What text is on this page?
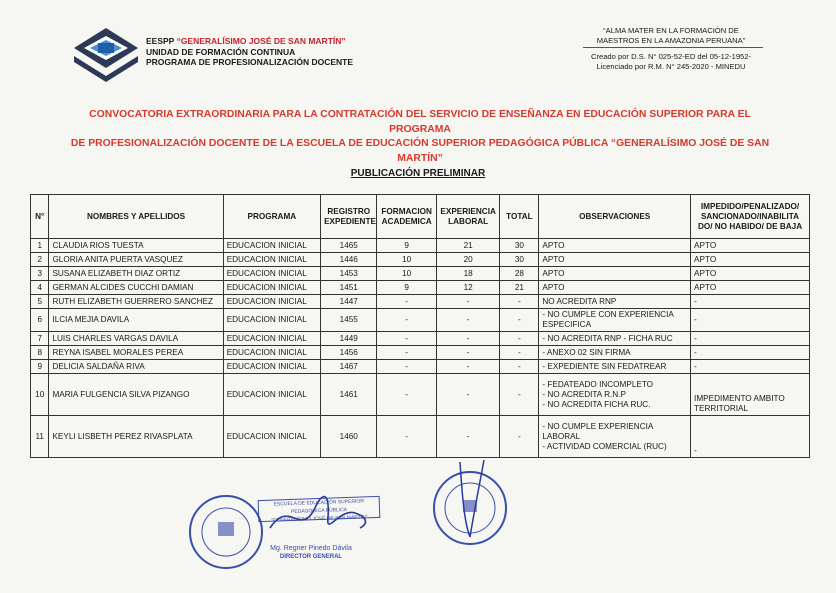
EESPP “GENERALÍSIMO JOSÉ DE SAN MARTÍN”
UNIDAD DE FORMACIÓN CONTINUA
PROGRAMA DE PROFESIONALIZACIÓN DOCENTE
“ALMA MATER EN LA FORMACIÓN DE
MAESTROS EN LA AMAZONIA PERUANA”
Creado por D.S. N° 025-52-ED del 05-12-1952-
Licenciado por R.M. N° 245-2020 - MINEDU
CONVOCATORIA EXTRAORDINARIA PARA LA CONTRATACIÓN DEL SERVICIO DE ENSEÑANZA EN EDUCACIÓN SUPERIOR PARA EL PROGRAMA
DE PROFESIONALIZACIÓN DOCENTE DE LA ESCUELA DE EDUCACIÓN SUPERIOR PEDAGÓGICA PÚBLICA “GENERALÍSIMO JOSÉ DE SAN
MARTÍN”
PUBLICACIÓN PRELIMINAR
N°	NOMBRES Y APELLIDOS	PROGRAMA	REGISTRO EXPEDIENTE	FORMACION ACADEMICA	EXPERIENCIA LABORAL	TOTAL	OBSERVACIONES	IMPEDIDO/PENALIZADO/ SANCIONADO/INABILITA DO/ NO HABIDO/ DE BAJA
1	CLAUDIA RIOS TUESTA	EDUCACION INICIAL	1465	9	21	30	APTO	APTO
2	GLORIA ANITA PUERTA VASQUEZ	EDUCACION INICIAL	1446	10	20	30	APTO	APTO
3	SUSANA ELIZABETH DIAZ ORTIZ	EDUCACION INICIAL	1453	10	18	28	APTO	APTO
4	GERMAN ALCIDES CUCCHI DAMIAN	EDUCACION INICIAL	1451	9	12	21	APTO	APTO
5	RUTH ELIZABETH GUERRERO SANCHEZ	EDUCACION INICIAL	1447	-	-	-	NO ACREDITA RNP	-
6	ILCIA MEJIA DAVILA	EDUCACION INICIAL	1455	-	-	-	- NO CUMPLE CON EXPERIENCIA
ESPECIFICA	-
7	LUIS CHARLES VARGAS DAVILA	EDUCACION INICIAL	1449	-	-	-	- NO ACREDITA RNP - FICHA RUC	-
8	REYNA ISABEL MORALES PEREA	EDUCACION INICIAL	1456	-	-	-	- ANEXO 02 SIN FIRMA	-
9	DELICIA SALDAÑA RIVA	EDUCACION INICIAL	1467	-	-	-	- EXPEDIENTE SIN FEDATREAR	-
10	MARIA FULGENCIA SILVA PIZANGO	EDUCACION INICIAL	1461	-	-	-	- FEDATEADO INCOMPLETO
- NO ACREDITA R.N.P
- NO ACREDITA FICHA RUC.	IMPEDIMENTO AMBITO TERRITORIAL
11	KEYLI LISBETH PEREZ RIVASPLATA	EDUCACION INICIAL	1460	-	-	-	- NO CUMPLE EXPERIENCIA
LABORAL
- ACTIVIDAD COMERCIAL (RUC)	-
ESCUELA DE EDUCACIÓN SUPERIOR PEDAGÓGICA PÚBLICA
“GENERALÍSIMO JOSÉ DE SAN MARTÍN”
Mg. Regner Pinedo Dávila
DIRECTOR GENERAL
